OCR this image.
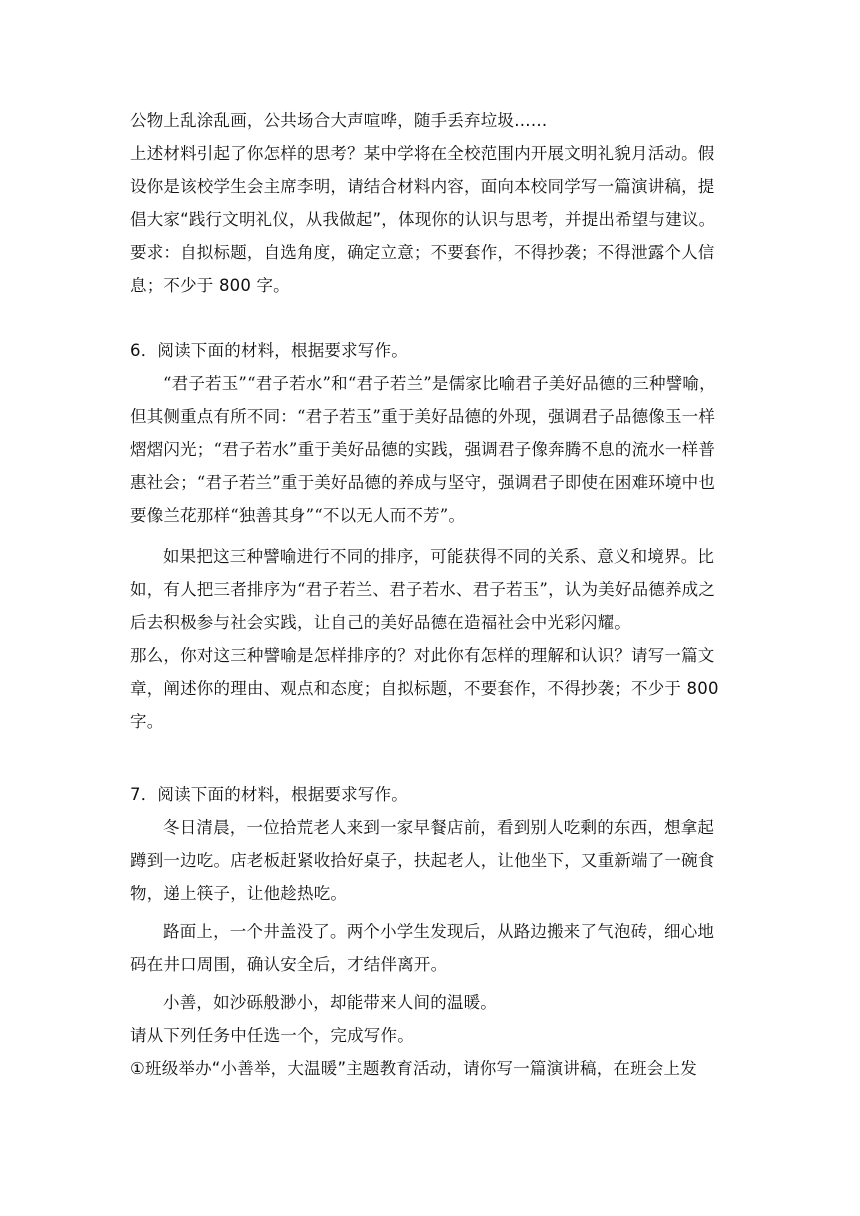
公物上乱涂乱画，公共场合大声喧哗，随手丢弃垃圾……
上述材料引起了你怎样的思考？某中学将在全校范围内开展文明礼貌月活动。假
设你是该校学生会主席李明，请结合材料内容，面向本校同学写一篇演讲稿，提
倡大家“践行文明礼仪，从我做起”，体现你的认识与思考，并提出希望与建议。
要求：自拟标题，自选角度，确定立意；不要套作，不得抄袭；不得泄露个人信
息；不少于 800 字。
6．阅读下面的材料，根据要求写作。
“君子若玉”“君子若水”和“君子若兰”是儒家比喻君子美好品德的三种譬喻，
但其侧重点有所不同：“君子若玉”重于美好品德的外现，强调君子品德像玉一样
熠熠闪光；“君子若水”重于美好品德的实践，强调君子像奔腾不息的流水一样普
惠社会；“君子若兰”重于美好品德的养成与坚守，强调君子即使在困难环境中也
要像兰花那样“独善其身”“不以无人而不芳”。
如果把这三种譬喻进行不同的排序，可能获得不同的关系、意义和境界。比
如，有人把三者排序为“君子若兰、君子若水、君子若玉”，认为美好品德养成之
后去积极参与社会实践，让自己的美好品德在造福社会中光彩闪耀。
那么，你对这三种譬喻是怎样排序的？对此你有怎样的理解和认识？请写一篇文
章，阐述你的理由、观点和态度；自拟标题，不要套作，不得抄袭；不少于 800
字。
7．阅读下面的材料，根据要求写作。
冬日清晨，一位拾荒老人来到一家早餐店前，看到别人吃剩的东西，想拿起
蹲到一边吃。店老板赶紧收拾好桌子，扶起老人，让他坐下，又重新端了一碗食
物，递上筷子，让他趁热吃。
路面上，一个井盖没了。两个小学生发现后，从路边搬来了气泡砖，细心地
码在井口周围，确认安全后，才结伴离开。
小善，如沙砾般渺小，却能带来人间的温暖。
请从下列任务中任选一个，完成写作。
①班级举办“小善举，大温暖”主题教育活动，请你写一篇演讲稿，在班会上发
